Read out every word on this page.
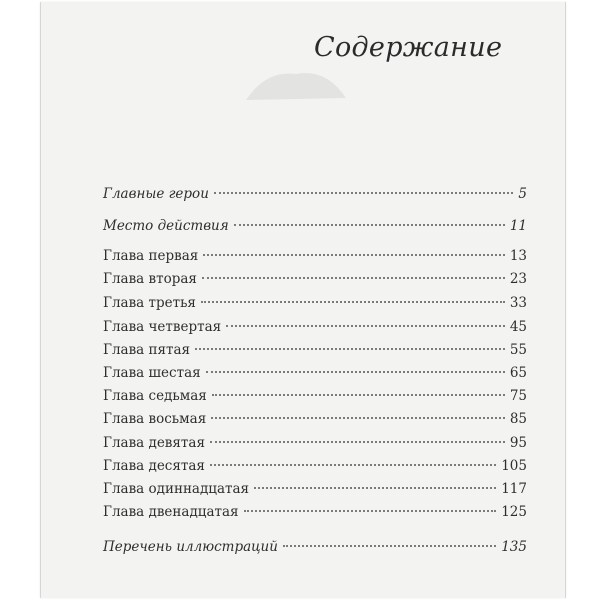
Содержание
Главные герои	5
Место действия	11
Глава первая	13
Глава вторая	23
Глава третья	33
Глава четвертая	45
Глава пятая	55
Глава шестая	65
Глава седьмая	75
Глава восьмая	85
Глава девятая	95
Глава десятая	105
Глава одиннадцатая	117
Глава двенадцатая	125
Перечень иллюстраций	135
